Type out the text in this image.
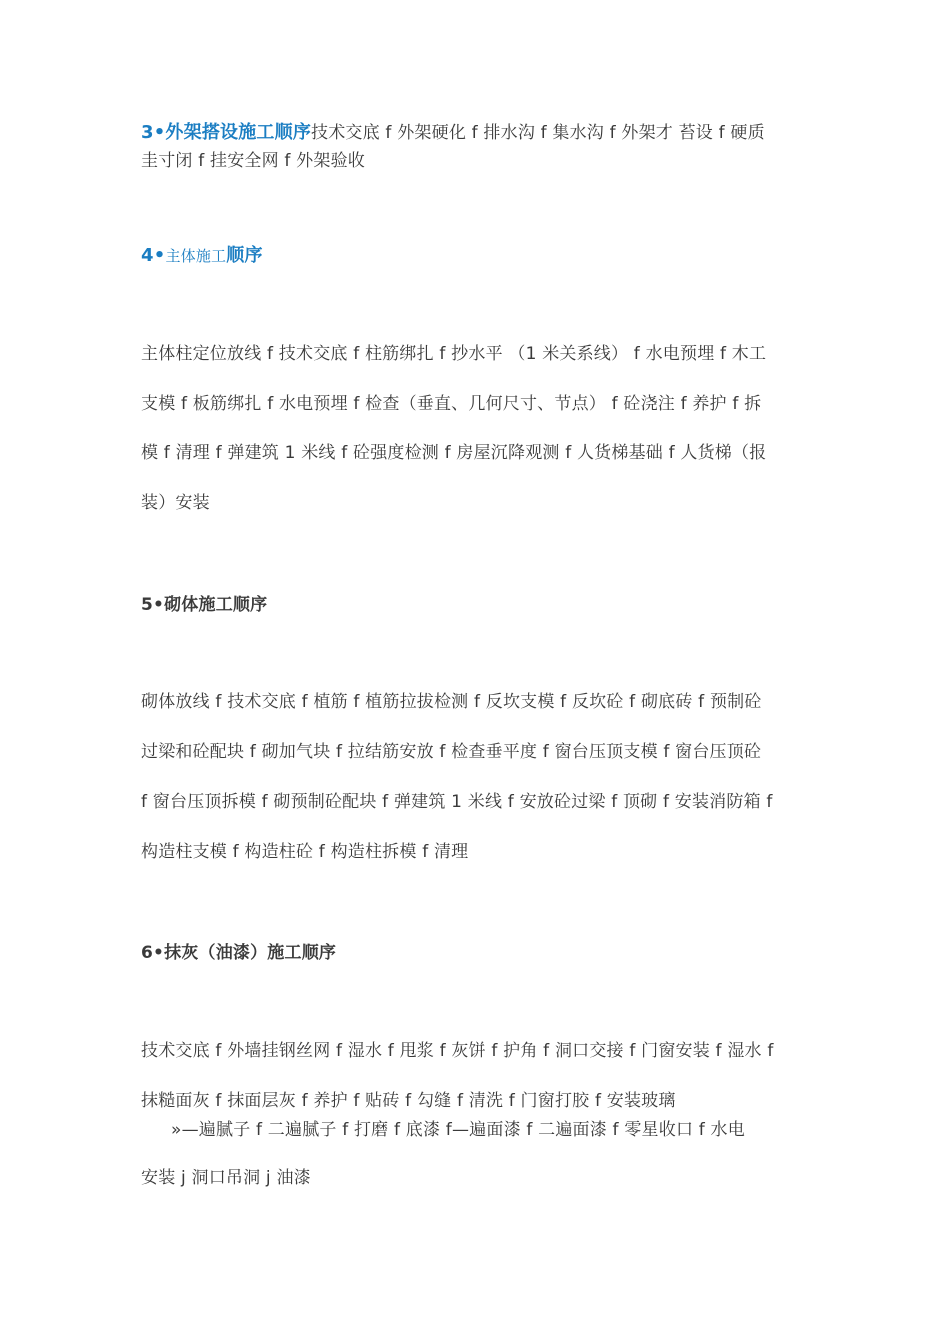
3•外架搭设施工顺序技术交底 f 外架硬化 f 排水沟 f 集水沟 f 外架才 苔设 f 硬质
圭寸闭 f 挂安全网 f 外架验收
4•主体施工顺序
主体柱定位放线 f 技术交底 f 柱筋绑扎 f 抄水平 （1 米关系线） f 水电预埋 f 木工
支模 f 板筋绑扎 f 水电预埋 f 检查（垂直、几何尺寸、节点） f 砼浇注 f 养护 f 拆
模 f 清理 f 弹建筑 1 米线 f 砼强度检测 f 房屋沉降观测 f 人货梯基础 f 人货梯（报
装）安装
5•砌体施工顺序
砌体放线 f 技术交底 f 植筋 f 植筋拉拔检测 f 反坎支模 f 反坎砼 f 砌底砖 f 预制砼
过梁和砼配块 f 砌加气块 f 拉结筋安放 f 检查垂平度 f 窗台压顶支模 f 窗台压顶砼
f 窗台压顶拆模 f 砌预制砼配块 f 弹建筑 1 米线 f 安放砼过梁 f 顶砌 f 安装消防箱 f
构造柱支模 f 构造柱砼 f 构造柱拆模 f 清理
6•抹灰（油漆）施工顺序
技术交底 f 外墙挂钢丝网 f 湿水 f 甩浆 f 灰饼 f 护角 f 洞口交接 f 门窗安装 f 湿水 f
抹糙面灰 f 抹面层灰 f 养护 f 贴砖 f 勾缝 f 清洗 f 门窗打胶 f 安装玻璃
»—遍腻子 f 二遍腻子 f 打磨 f 底漆 f—遍面漆 f 二遍面漆 f 零星收口 f 水电
安装 j 洞口吊洞 j 油漆
